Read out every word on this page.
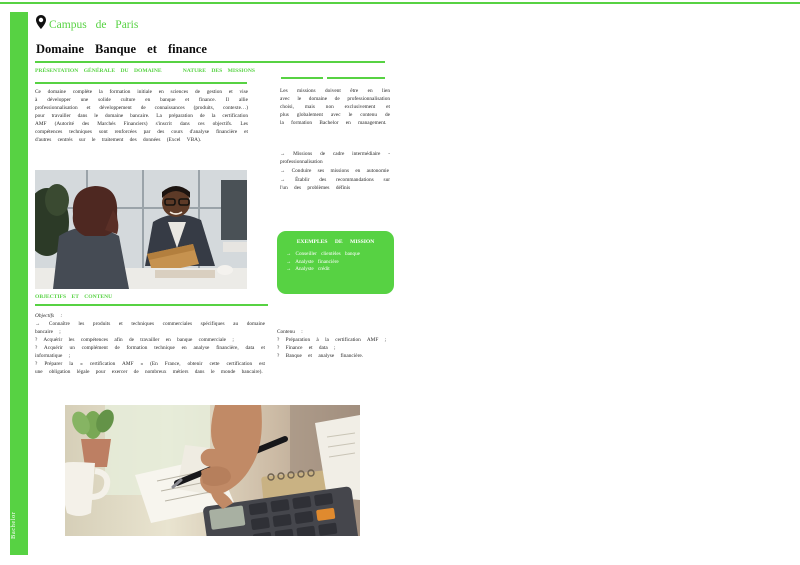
Bachelor
Campus de Paris
Domaine Banque et finance
PRÉSENTATION GÉNÉRALE DU DOMAINE	NATURE DES MISSIONS
Ce domaine complète la formation initiale en sciences de gestion et vise à développer une solide culture en banque et finance. Il allie professionnalisation et développement de connaissances (produits, contexte…) pour travailler dans le domaine bancaire. La préparation de la certification AMF (Autorité des Marchés Financiers) s'inscrit dans ces objectifs. Les compétences techniques sont renforcées par des cours d'analyse financière et d'autres centrés sur le traitement des données (Excel VBA).
OBJECTIFS ET CONTENU
Objectifs :
→ Connaître les produits et techniques commerciales spécifiques au domaine bancaire ;
? Acquérir les compétences afin de travailler en banque commerciale ;
? Acquérir un complément de formation technique en analyse financière, data et informatique ;
? Préparer la « certification AMF » (En France, obtenir cette certification est une obligation légale pour exercer de nombreux métiers dans le monde bancaire).
Les missions doivent être en lien avec le domaine de professionnalisation choisi, mais non exclusivement et plus globalement avec le contenu de la formation Bachelor en management.
→ Missions de cadre intermédiaire - professionnalisation
→ Conduire ses missions en autonomie
→ Établir des recommandations sur l'un des problèmes définis
EXEMPLES DE MISSION
→ Conseiller clientèles banque
→ Analyste financière
→ Analyste crédit
Contenu :
? Préparation à la certification AMF ;
? Finance et data ;
? Banque et analyse financière.
